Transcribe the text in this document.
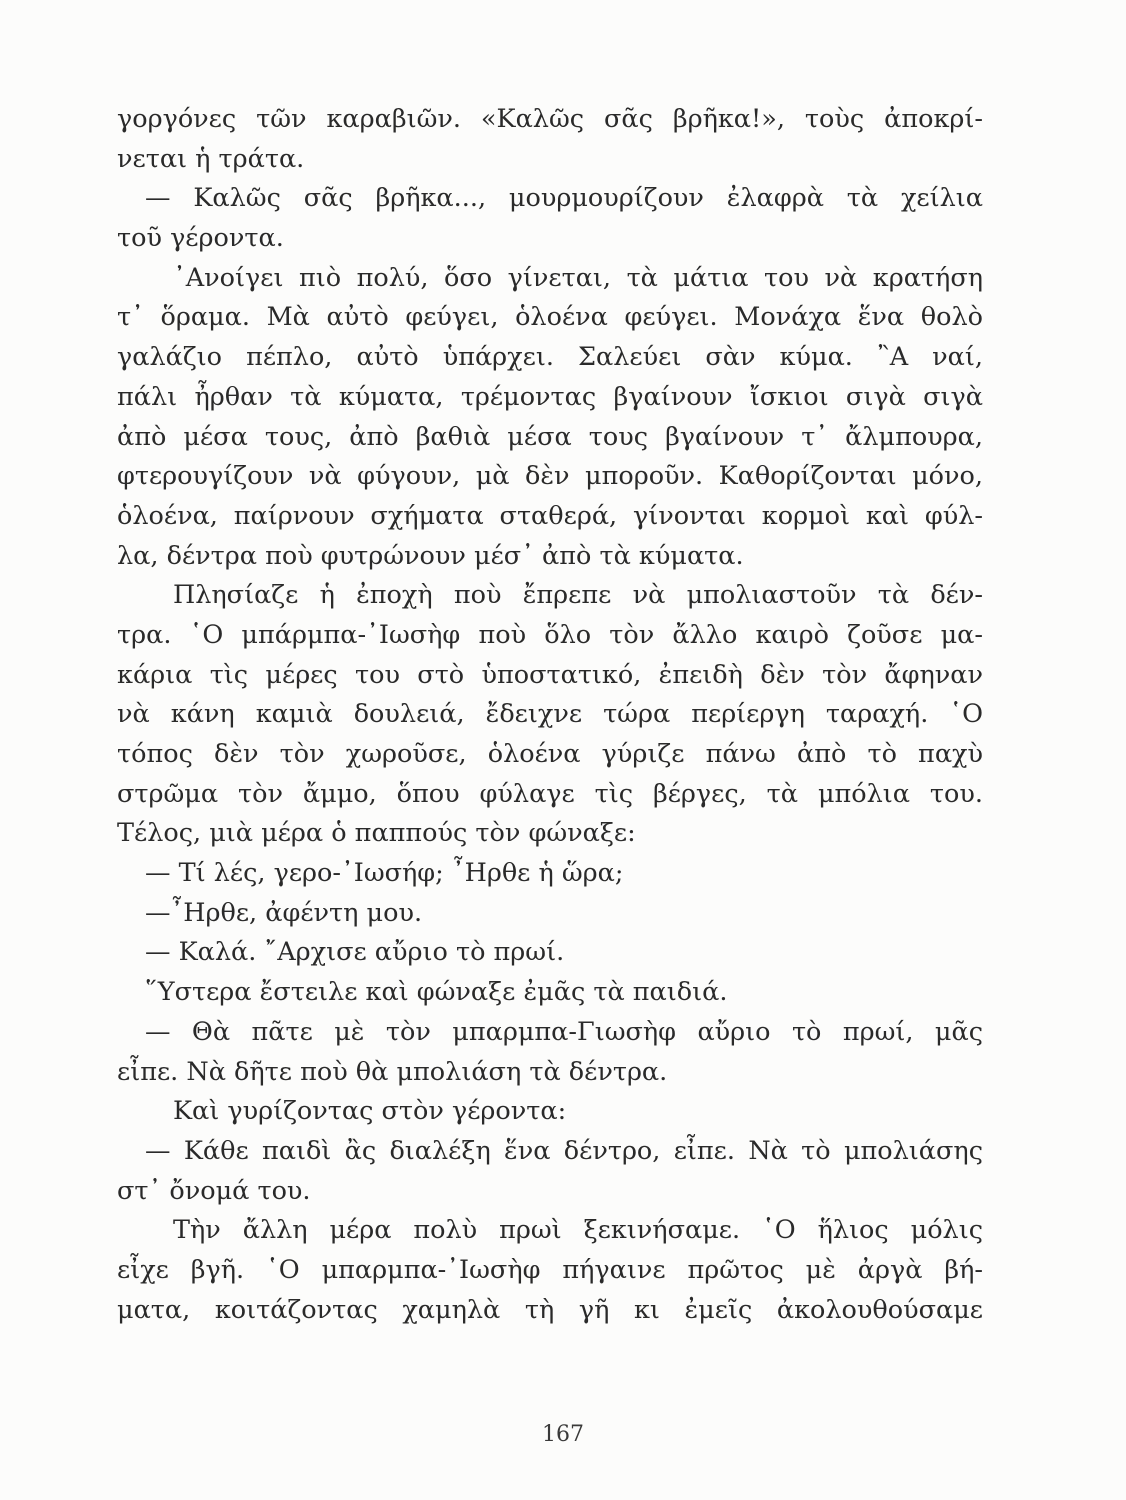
γοργόνες τῶν καραβιῶν. «Καλῶς σᾶς βρῆκα!», τοὺς ἀποκρί-
νεται ἡ τράτα.
— Καλῶς σᾶς βρῆκα..., μουρμουρίζουν ἐλαφρὰ τὰ χείλια
τοῦ γέροντα.
᾿Ανοίγει πιὸ πολύ, ὅσο γίνεται, τὰ μάτια του νὰ κρατήση
τ᾿ ὅραμα. Μὰ αὐτὸ φεύγει, ὁλοένα φεύγει. Μονάχα ἕνα θολὸ
γαλάζιο πέπλο, αὐτὸ ὑπάρχει. Σαλεύει σὰν κύμα. ῍Α ναί,
πάλι ἦρθαν τὰ κύματα, τρέμοντας βγαίνουν ἴσκιοι σιγὰ σιγὰ
ἀπὸ μέσα τους, ἀπὸ βαθιὰ μέσα τους βγαίνουν τ᾿ ἄλμπουρα,
φτερουγίζουν νὰ φύγουν, μὰ δὲν μποροῦν. Καθορίζονται μόνο,
ὁλοένα, παίρνουν σχήματα σταθερά, γίνονται κορμοὶ καὶ φύλ-
λα, δέντρα ποὺ φυτρώνουν μέσ᾿ ἀπὸ τὰ κύματα.
Πλησίαζε ἡ ἐποχὴ ποὺ ἔπρεπε νὰ μπολιαστοῦν τὰ δέν-
τρα. ῾Ο μπάρμπα-᾿Ιωσὴφ ποὺ ὅλο τὸν ἄλλο καιρὸ ζοῦσε μα-
κάρια τὶς μέρες του στὸ ὑποστατικό, ἐπειδὴ δὲν τὸν ἄφηναν
νὰ κάνη καμιὰ δουλειά, ἔδειχνε τώρα περίεργη ταραχή. ῾Ο
τόπος δὲν τὸν χωροῦσε, ὁλοένα γύριζε πάνω ἀπὸ τὸ παχὺ
στρῶμα τὸν ἄμμο, ὅπου φύλαγε τὶς βέργες, τὰ μπόλια του.
Τέλος, μιὰ μέρα ὁ παππούς τὸν φώναξε:
— Τί λές, γερο-᾿Ιωσήφ; ῏Ηρθε ἡ ὥρα;
—῏Ηρθε, ἀφέντη μου.
— Καλά. ῎Αρχισε αὔριο τὸ πρωί.
῞Υστερα ἔστειλε καὶ φώναξε ἐμᾶς τὰ παιδιά.
— Θὰ πᾶτε μὲ τὸν μπαρμπα-Γιωσὴφ αὔριο τὸ πρωί, μᾶς
εἶπε. Νὰ δῆτε ποὺ θὰ μπολιάση τὰ δέντρα.
Καὶ γυρίζοντας στὸν γέροντα:
— Κάθε παιδὶ ἂς διαλέξη ἕνα δέντρο, εἶπε. Νὰ τὸ μπολιάσης
στ᾿ ὄνομά του.
Τὴν ἄλλη μέρα πολὺ πρωὶ ξεκινήσαμε. ῾Ο ἥλιος μόλις
εἶχε βγῆ. ῾Ο μπαρμπα-᾿Ιωσὴφ πήγαινε πρῶτος μὲ ἀργὰ βή-
ματα, κοιτάζοντας χαμηλὰ τὴ γῆ κι ἐμεῖς ἀκολουθούσαμε
167
